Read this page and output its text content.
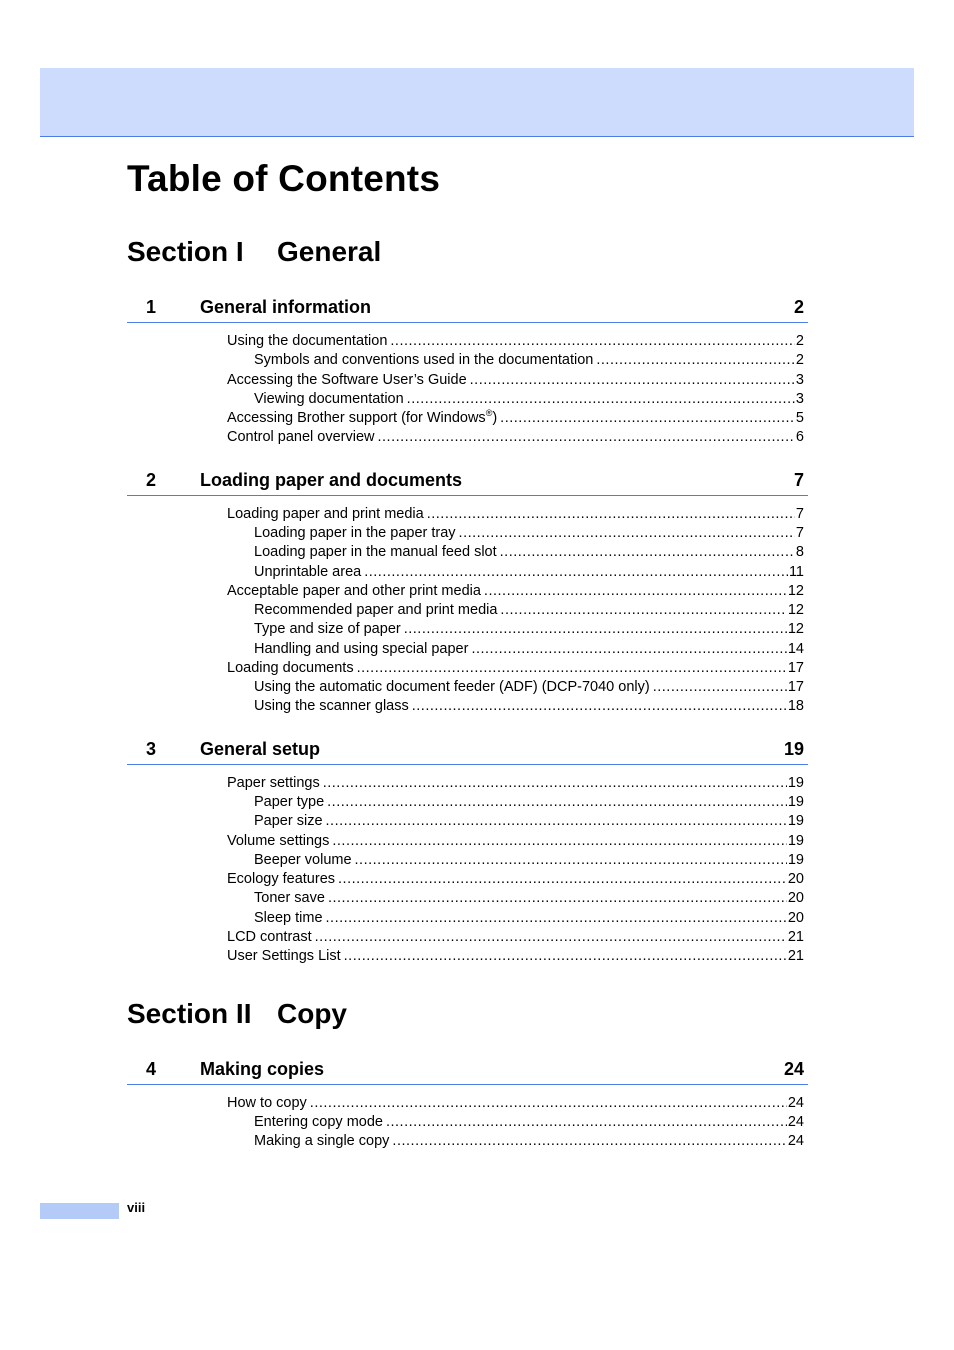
Table of Contents
Section I General
1 General information	2
Using the documentation .....	2
Symbols and conventions used in the documentation .....	2
Accessing the Software User’s Guide .....	3
Viewing documentation .....	3
Accessing Brother support (for Windows®) .....	5
Control panel overview .....	6
2 Loading paper and documents	7
Loading paper and print media .....	7
Loading paper in the paper tray .....	7
Loading paper in the manual feed slot .....	8
Unprintable area .....	11
Acceptable paper and other print media .....	12
Recommended paper and print media .....	12
Type and size of paper .....	12
Handling and using special paper .....	14
Loading documents .....	17
Using the automatic document feeder (ADF) (DCP-7040 only) .....	17
Using the scanner glass .....	18
3 General setup	19
Paper settings .....	19
Paper type .....	19
Paper size .....	19
Volume settings .....	19
Beeper volume .....	19
Ecology features .....	20
Toner save .....	20
Sleep time .....	20
LCD contrast .....	21
User Settings List .....	21
Section II Copy
4 Making copies	24
How to copy .....	24
Entering copy mode .....	24
Making a single copy .....	24
viii
